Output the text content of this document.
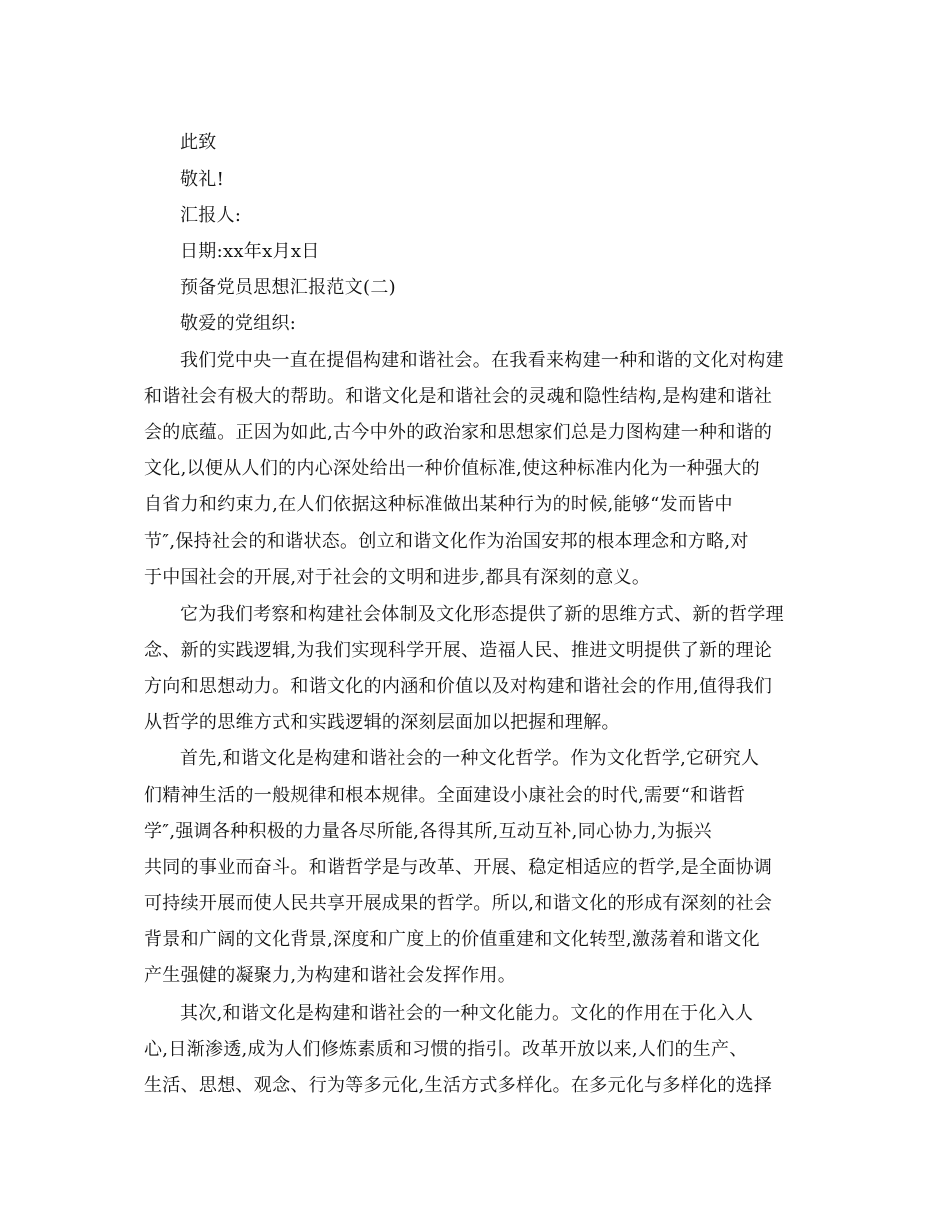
此致
敬礼!
汇报人:
日期:xx年x月x日
预备党员思想汇报范文(二)
敬爱的党组织:
我们党中央一直在提倡构建和谐社会。在我看来构建一种和谐的文化对构建
和谐社会有极大的帮助。和谐文化是和谐社会的灵魂和隐性结构,是构建和谐社
会的底蕴。正因为如此,古今中外的政治家和思想家们总是力图构建一种和谐的
文化,以便从人们的内心深处给出一种价值标准,使这种标准内化为一种强大的
自省力和约束力,在人们依据这种标准做出某种行为的时候,能够“发而皆中
节″,保持社会的和谐状态。创立和谐文化作为治国安邦的根本理念和方略,对
于中国社会的开展,对于社会的文明和进步,都具有深刻的意义。
它为我们考察和构建社会体制及文化形态提供了新的思维方式、新的哲学理
念、新的实践逻辑,为我们实现科学开展、造福人民、推进文明提供了新的理论
方向和思想动力。和谐文化的内涵和价值以及对构建和谐社会的作用,值得我们
从哲学的思维方式和实践逻辑的深刻层面加以把握和理解。
首先,和谐文化是构建和谐社会的一种文化哲学。作为文化哲学,它研究人
们精神生活的一般规律和根本规律。全面建设小康社会的时代,需要“和谐哲
学″,强调各种积极的力量各尽所能,各得其所,互动互补,同心协力,为振兴
共同的事业而奋斗。和谐哲学是与改革、开展、稳定相适应的哲学,是全面协调
可持续开展而使人民共享开展成果的哲学。所以,和谐文化的形成有深刻的社会
背景和广阔的文化背景,深度和广度上的价值重建和文化转型,激荡着和谐文化
产生强健的凝聚力,为构建和谐社会发挥作用。
其次,和谐文化是构建和谐社会的一种文化能力。文化的作用在于化入人
心,日渐渗透,成为人们修炼素质和习惯的指引。改革开放以来,人们的生产、
生活、思想、观念、行为等多元化,生活方式多样化。在多元化与多样化的选择
